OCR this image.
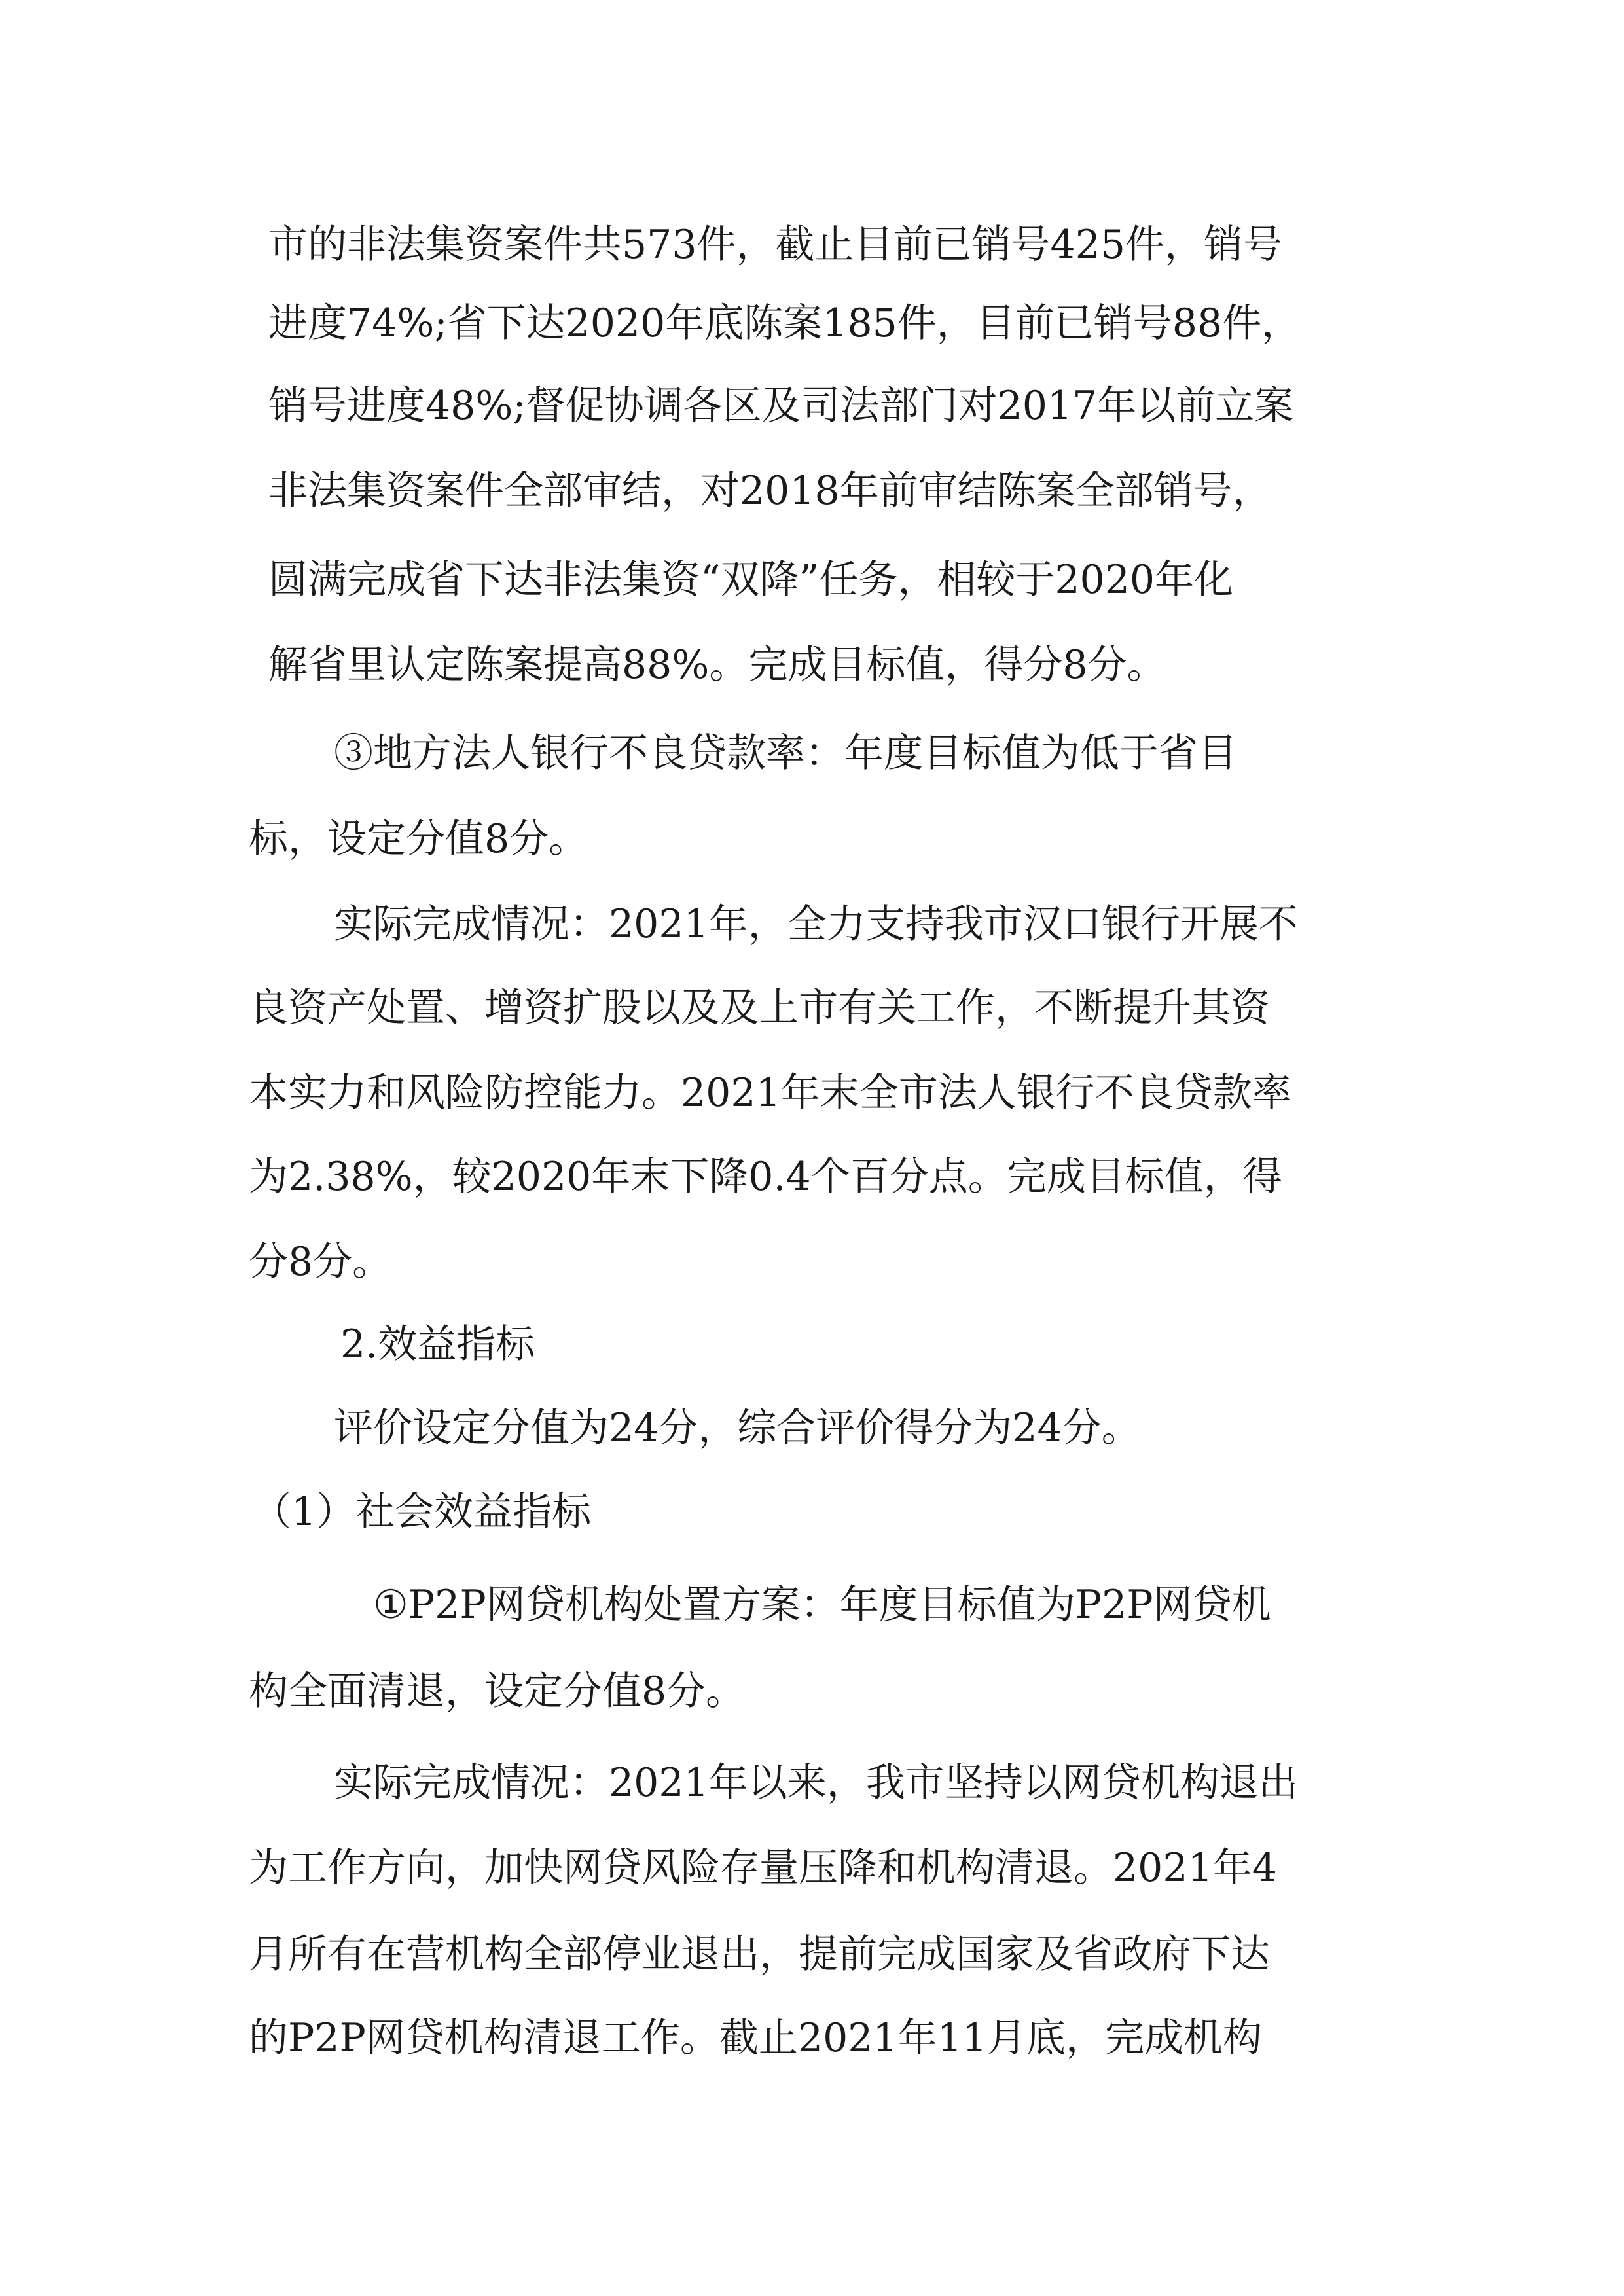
市的非法集资案件共573件，截止目前已销号425件，销号
进度74%;省下达2020年底陈案185件，目前已销号88件，
销号进度48%;督促协调各区及司法部门对2017年以前立案
非法集资案件全部审结，对2018年前审结陈案全部销号，
圆满完成省下达非法集资“双降”任务，相较于2020年化
解省里认定陈案提高88%。完成目标值，得分8分。
③地方法人银行不良贷款率：年度目标值为低于省目
标，设定分值8分。
实际完成情况：2021年，全力支持我市汉口银行开展不
良资产处置、增资扩股以及及上市有关工作，不断提升其资
本实力和风险防控能力。2021年末全市法人银行不良贷款率
为2.38%，较2020年末下降0.4个百分点。完成目标值，得
分8分。
2.效益指标
评价设定分值为24分，综合评价得分为24分。
（1）社会效益指标
①P2P网贷机构处置方案：年度目标值为P2P网贷机
构全面清退，设定分值8分。
实际完成情况：2021年以来，我市坚持以网贷机构退出
为工作方向，加快网贷风险存量压降和机构清退。2021年4
月所有在营机构全部停业退出，提前完成国家及省政府下达
的P2P网贷机构清退工作。截止2021年11月底，完成机构
